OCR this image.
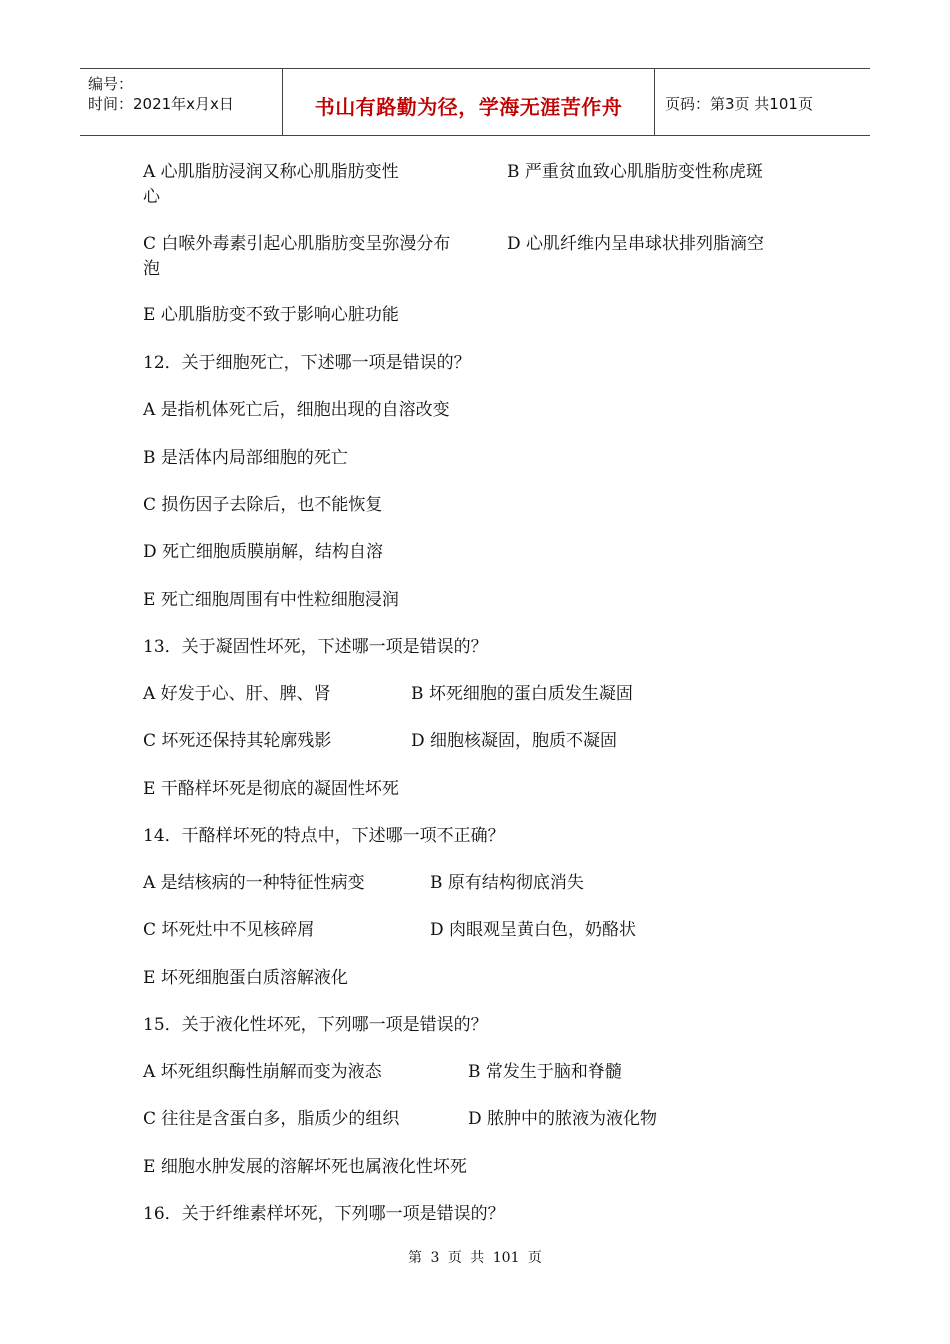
编号：
时间：2021年x月x日	书山有路勤为径，学海无涯苦作舟	页码：第3页 共101页
A 心肌脂肪浸润又称心肌脂肪变性	B 严重贫血致心肌脂肪变性称虎斑
心
C 白喉外毒素引起心肌脂肪变呈弥漫分布	D 心肌纤维内呈串球状排列脂滴空
泡
E 心肌脂肪变不致于影响心脏功能
12．关于细胞死亡，下述哪一项是错误的？
A 是指机体死亡后，细胞出现的自溶改变
B 是活体内局部细胞的死亡
C 损伤因子去除后，也不能恢复
D 死亡细胞质膜崩解，结构自溶
E 死亡细胞周围有中性粒细胞浸润
13．关于凝固性坏死，下述哪一项是错误的？
A 好发于心、肝、脾、肾	B 坏死细胞的蛋白质发生凝固
C 坏死还保持其轮廓残影	D 细胞核凝固，胞质不凝固
E 干酪样坏死是彻底的凝固性坏死
14．干酪样坏死的特点中，下述哪一项不正确？
A 是结核病的一种特征性病变	B 原有结构彻底消失
C 坏死灶中不见核碎屑	D 肉眼观呈黄白色，奶酪状
E 坏死细胞蛋白质溶解液化
15．关于液化性坏死，下列哪一项是错误的？
A 坏死组织酶性崩解而变为液态	B 常发生于脑和脊髓
C 往往是含蛋白多，脂质少的组织	D 脓肿中的脓液为液化物
E 细胞水肿发展的溶解坏死也属液化性坏死
16．关于纤维素样坏死，下列哪一项是错误的？
第 3 页 共 101 页
